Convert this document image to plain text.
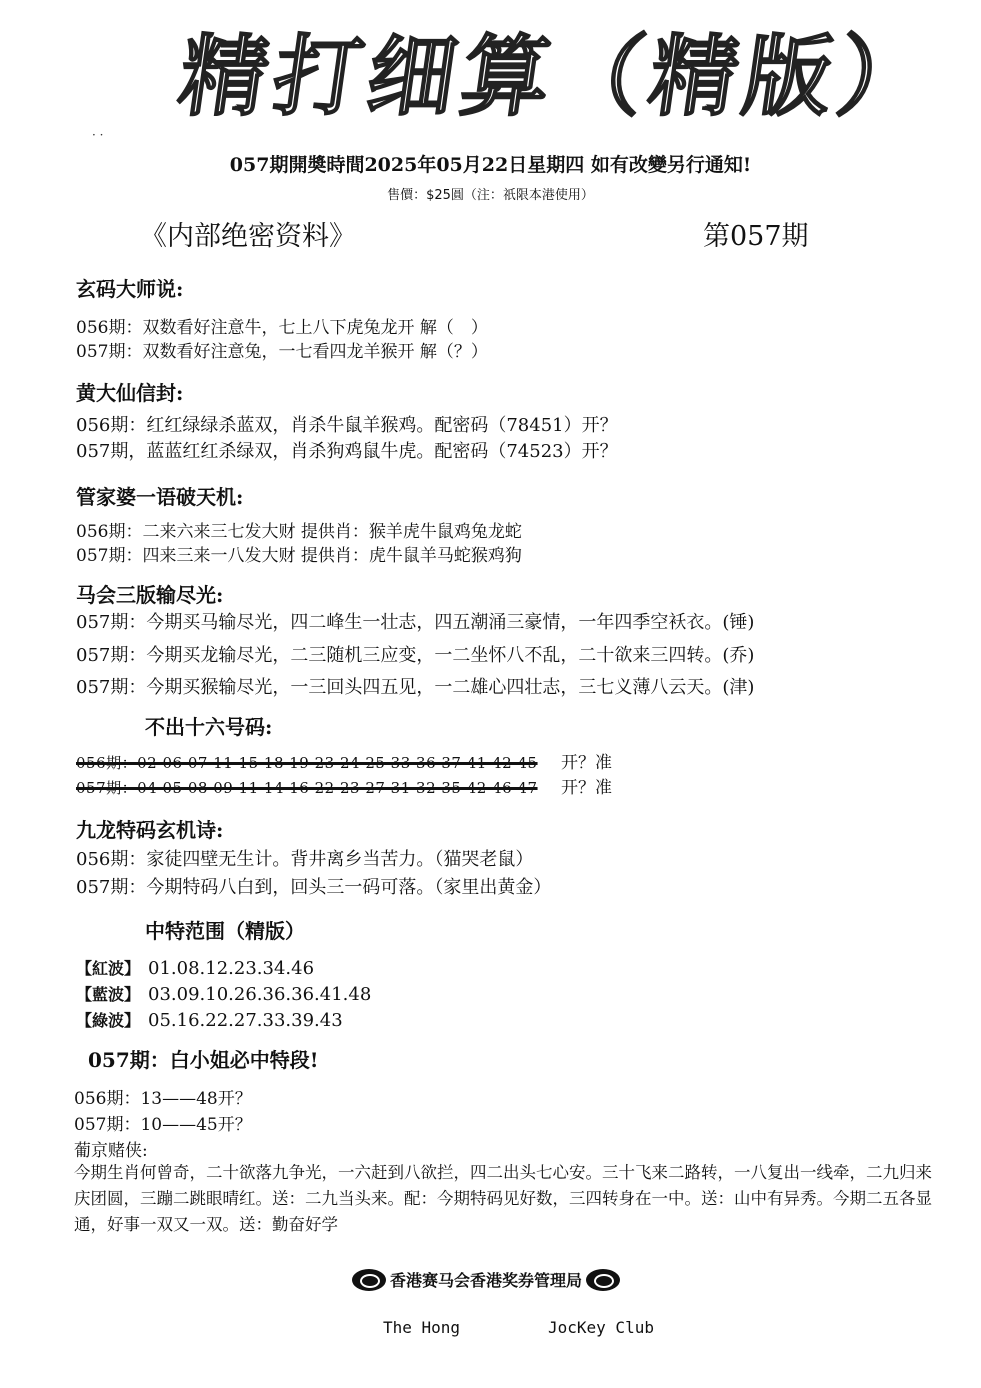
精打细算（精版）
· ·
057期開奬時間2025年05月22日星期四 如有改變另行通知!
售價：$25圓（注：祇限本港使用）
《内部绝密资料》	第057期
玄码大师说:
056期：双数看好注意牛，七上八下虎兔龙开 解（　）
057期：双数看好注意兔，一七看四龙羊猴开 解（？）
黄大仙信封:
056期：红红绿绿杀蓝双，肖杀牛鼠羊猴鸡。配密码（78451）开？
057期，蓝蓝红红杀绿双，肖杀狗鸡鼠牛虎。配密码（74523）开？
管家婆一语破天机:
056期：二来六来三七发大财 提供肖：猴羊虎牛鼠鸡兔龙蛇
057期：四来三来一八发大财 提供肖：虎牛鼠羊马蛇猴鸡狗
马会三版输尽光:
057期：今期买马输尽光，四二峰生一壮志，四五潮涌三豪情，一年四季空袄衣。(锤)
057期：今期买龙输尽光，二三随机三应变，一二坐怀八不乱，二十欲来三四转。(乔)
057期：今期买猴输尽光，一三回头四五见，一二雄心四壮志，三七义薄八云天。(津)
不出十六号码:
056期：02 06 07 11 15 18 19 23 24 25 33 36 37 41 42 45 开？准
057期：04 05 08 09 11 14 16 22 23 27 31 32 35 42 46 47 开？准
九龙特码玄机诗:
056期：家徒四壁无生计。背井离乡当苦力。（猫哭老鼠）
057期：今期特码八白到，回头三一码可落。（家里出黄金）
中特范围（精版）
【紅波】 01.08.12.23.34.46
【藍波】 03.09.10.26.36.36.41.48
【綠波】 05.16.22.27.33.39.43
057期：白小姐必中特段!
056期：13——48开？
057期：10——45开？
葡京赌侠:
今期生肖何曾奇，二十欲落九争光，一六赶到八欲拦，四二出头七心安。三十飞来二路转，一八复出一线牵，二九归来庆团圆，三蹦二跳眼晴红。送：二九当头来。配：今期特码见好数，三四转身在一中。送：山中有异秀。今期二五各显通，好事一双又一双。送：勤奋好学
香港赛马会香港奖券管理局
The Hong	JocKey Club
